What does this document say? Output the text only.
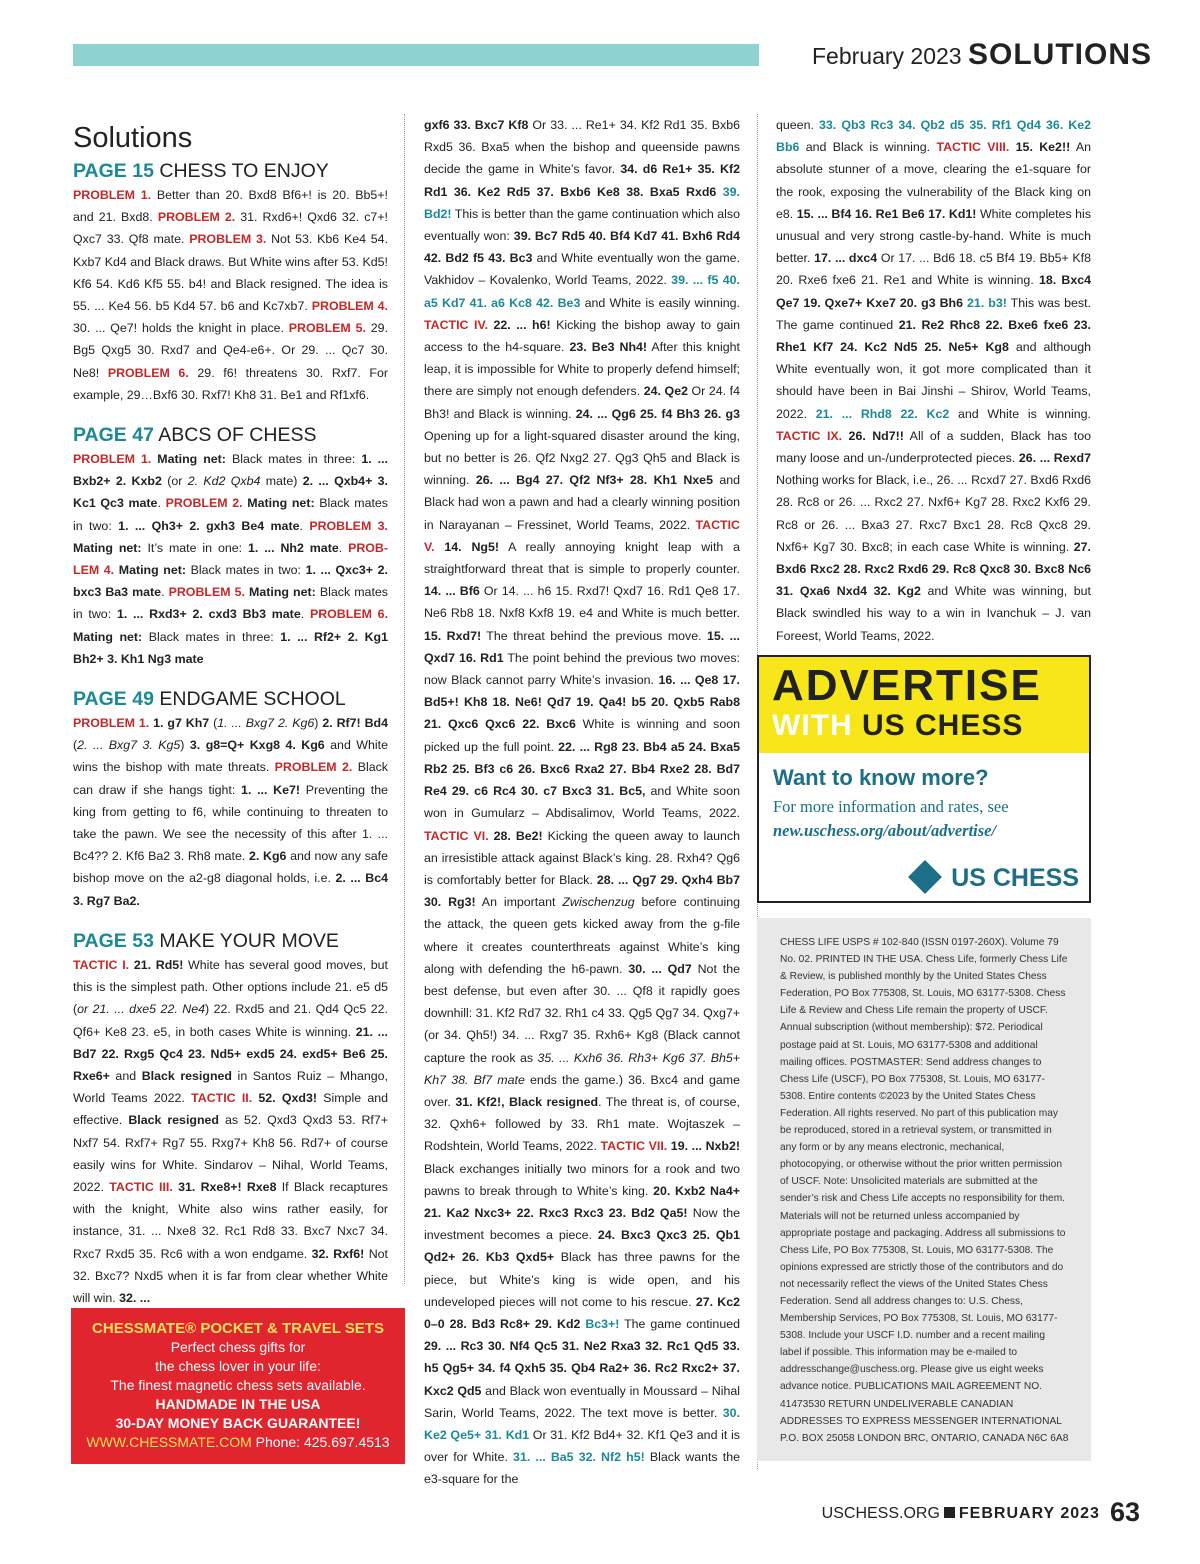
February 2023 SOLUTIONS
Solutions
PAGE 15 CHESS TO ENJOY
PROBLEM 1. Better than 20. Bxd8 Bf6+! is 20. Bb5+! and 21. Bxd8. PROBLEM 2. 31. Rxd6+! Qxd6 32. c7+! Qxc7 33. Qf8 mate. PROBLEM 3. Not 53. Kb6 Ke4 54. Kxb7 Kd4 and Black draws. But White wins after 53. Kd5! Kf6 54. Kd6 Kf5 55. b4! and Black resigned. The idea is 55. ... Ke4 56. b5 Kd4 57. b6 and Kc7xb7. PROBLEM 4. 30. ... Qe7! holds the knight in place. PROBLEM 5. 29. Bg5 Qxg5 30. Rxd7 and Qe4-e6+. Or 29. ... Qc7 30. Ne8! PROBLEM 6. 29. f6! threatens 30. Rxf7. For example, 29…Bxf6 30. Rxf7! Kh8 31. Be1 and Rf1xf6.
PAGE 47 ABCS OF CHESS
PROBLEM 1. Mating net: Black mates in three: 1. ... Bxb2+ 2. Kxb2 (or 2. Kd2 Qxb4 mate) 2. ... Qxb4+ 3. Kc1 Qc3 mate. PROBLEM 2. Mating net: Black mates in two: 1. ... Qh3+ 2. gxh3 Be4 mate. PROBLEM 3. Mating net: It’s mate in one: 1. ... Nh2 mate. PROB-LEM 4. Mating net: Black mates in two: 1. ... Qxc3+ 2. bxc3 Ba3 mate. PROBLEM 5. Mating net: Black mates in two: 1. ... Rxd3+ 2. cxd3 Bb3 mate. PROBLEM 6. Mating net: Black mates in three: 1. ... Rf2+ 2. Kg1 Bh2+ 3. Kh1 Ng3 mate
PAGE 49 ENDGAME SCHOOL
PROBLEM 1. 1. g7 Kh7 (1. ... Bxg7 2. Kg6) 2. Rf7! Bd4 (2. ... Bxg7 3. Kg5) 3. g8=Q+ Kxg8 4. Kg6 and White wins the bishop with mate threats. PROBLEM 2. Black can draw if she hangs tight: 1. ... Ke7! Preventing the king from getting to f6, while continuing to threaten to take the pawn. We see the necessity of this after 1. ... Bc4?? 2. Kf6 Ba2 3. Rh8 mate. 2. Kg6 and now any safe bishop move on the a2-g8 diagonal holds, i.e. 2. ... Bc4 3. Rg7 Ba2.
PAGE 53 MAKE YOUR MOVE
TACTIC I. 21. Rd5! White has several good moves, but this is the simplest path. Other options include 21. e5 d5 (or 21. ... dxe5 22. Ne4) 22. Rxd5 and 21. Qd4 Qc5 22. Qf6+ Ke8 23. e5, in both cases White is winning. 21. ... Bd7 22. Rxg5 Qc4 23. Nd5+ exd5 24. exd5+ Be6 25. Rxe6+ and Black resigned in Santos Ruiz – Mhango, World Teams 2022. TACTIC II. 52. Qxd3! Simple and effective. Black resigned as 52. Qxd3 Qxd3 53. Rf7+ Nxf7 54. Rxf7+ Rg7 55. Rxg7+ Kh8 56. Rd7+ of course easily wins for White. Sindarov – Nihal, World Teams, 2022. TACTIC III. 31. Rxe8+! Rxe8 If Black recaptures with the knight, White also wins rather easily, for instance, 31. ... Nxe8 32. Rc1 Rd8 33. Bxc7 Nxc7 34. Rxc7 Rxd5 35. Rc6 with a won endgame. 32. Rxf6! Not 32. Bxc7? Nxd5 when it is far from clear whether White will win. 32. ...
gxf6 33. Bxc7 Kf8 Or 33. ... Re1+ 34. Kf2 Rd1 35. Bxb6 Rxd5 36. Bxa5 when the bishop and queenside pawns decide the game in White’s favor. 34. d6 Re1+ 35. Kf2 Rd1 36. Ke2 Rd5 37. Bxb6 Ke8 38. Bxa5 Rxd6 39. Bd2! This is better than the game continuation which also eventually won: 39. Bc7 Rd5 40. Bf4 Kd7 41. Bxh6 Rd4 42. Bd2 f5 43. Bc3 and White eventually won the game. Vakhidov – Kovalenko, World Teams, 2022. 39. ... f5 40. a5 Kd7 41. a6 Kc8 42. Be3 and White is easily winning. TACTIC IV. 22. ... h6! Kicking the bishop away to gain access to the h4-square. 23. Be3 Nh4! After this knight leap, it is impossible for White to properly defend himself; there are simply not enough defenders. 24. Qe2 Or 24. f4 Bh3! and Black is winning. 24. ... Qg6 25. f4 Bh3 26. g3 Opening up for a light-squared disaster around the king, but no better is 26. Qf2 Nxg2 27. Qg3 Qh5 and Black is winning. 26. ... Bg4 27. Qf2 Nf3+ 28. Kh1 Nxe5 and Black had won a pawn and had a clearly winning position in Narayanan – Fressinet, World Teams, 2022. TACTIC V. 14. Ng5! A really annoying knight leap with a straightforward threat that is simple to properly counter. 14. ... Bf6 Or 14. ... h6 15. Rxd7! Qxd7 16. Rd1 Qe8 17. Ne6 Rb8 18. Nxf8 Kxf8 19. e4 and White is much better. 15. Rxd7! The threat behind the previous move. 15. ... Qxd7 16. Rd1 The point behind the previous two moves: now Black cannot parry White’s invasion. 16. ... Qe8 17. Bd5+! Kh8 18. Ne6! Qd7 19. Qa4! b5 20. Qxb5 Rab8 21. Qxc6 Qxc6 22. Bxc6 White is winning and soon picked up the full point. 22. ... Rg8 23. Bb4 a5 24. Bxa5 Rb2 25. Bf3 c6 26. Bxc6 Rxa2 27. Bb4 Rxe2 28. Bd7 Re4 29. c6 Rc4 30. c7 Bxc3 31. Bc5, and White soon won in Gumularz – Abdisalimov, World Teams, 2022. TACTIC VI. 28. Be2! Kicking the queen away to launch an irresistible attack against Black’s king. 28. Rxh4? Qg6 is comfortably better for Black. 28. ... Qg7 29. Qxh4 Bb7 30. Rg3! An important Zwischenzug before continuing the attack, the queen gets kicked away from the g-file where it creates counterthreats against White’s king along with defending the h6-pawn. 30. ... Qd7 Not the best defense, but even after 30. ... Qf8 it rapidly goes downhill: 31. Kf2 Rd7 32. Rh1 c4 33. Qg5 Qg7 34. Qxg7+ (or 34. Qh5!) 34. ... Rxg7 35. Rxh6+ Kg8 (Black cannot capture the rook as 35. ... Kxh6 36. Rh3+ Kg6 37. Bh5+ Kh7 38. Bf7 mate ends the game.) 36. Bxc4 and game over. 31. Kf2!, Black resigned. The threat is, of course, 32. Qxh6+ followed by 33. Rh1 mate. Wojtaszek – Rodshtein, World Teams, 2022. TACTIC VII. 19. ... Nxb2! Black exchanges initially two minors for a rook and two pawns to break through to White’s king. 20. Kxb2 Na4+ 21. Ka2 Nxc3+ 22. Rxc3 Rxc3 23. Bd2 Qa5! Now the investment becomes a piece. 24. Bxc3 Qxc3 25. Qb1 Qd2+ 26. Kb3 Qxd5+ Black has three pawns for the piece, but White’s king is wide open, and his undeveloped pieces will not come to his rescue. 27. Kc2 0–0 28. Bd3 Rc8+ 29. Kd2 Bc3+! The game continued 29. ... Rc3 30. Nf4 Qc5 31. Ne2 Rxa3 32. Rc1 Qd5 33. h5 Qg5+ 34. f4 Qxh5 35. Qb4 Ra2+ 36. Rc2 Rxc2+ 37. Kxc2 Qd5 and Black won eventually in Moussard – Nihal Sarin, World Teams, 2022. The text move is better. 30. Ke2 Qe5+ 31. Kd1 Or 31. Kf2 Bd4+ 32. Kf1 Qe3 and it is over for White. 31. ... Ba5 32. Nf2 h5! Black wants the e3-square for the
queen. 33. Qb3 Rc3 34. Qb2 d5 35. Rf1 Qd4 36. Ke2 Bb6 and Black is winning. TACTIC VIII. 15. Ke2!! An absolute stunner of a move, clearing the e1-square for the rook, exposing the vulnerability of the Black king on e8. 15. ... Bf4 16. Re1 Be6 17. Kd1! White completes his unusual and very strong castle-by-hand. White is much better. 17. ... dxc4 Or 17. ... Bd6 18. c5 Bf4 19. Bb5+ Kf8 20. Rxe6 fxe6 21. Re1 and White is winning. 18. Bxc4 Qe7 19. Qxe7+ Kxe7 20. g3 Bh6 21. b3! This was best. The game continued 21. Re2 Rhc8 22. Bxe6 fxe6 23. Rhe1 Kf7 24. Kc2 Nd5 25. Ne5+ Kg8 and although White eventually won, it got more complicated than it should have been in Bai Jinshi – Shirov, World Teams, 2022. 21. ... Rhd8 22. Kc2 and White is winning. TACTIC IX. 26. Nd7!! All of a sudden, Black has too many loose and un-/underprotected pieces. 26. ... Rexd7 Nothing works for Black, i.e., 26. ... Rcxd7 27. Bxd6 Rxd6 28. Rc8 or 26. ... Rxc2 27. Nxf6+ Kg7 28. Rxc2 Kxf6 29. Rc8 or 26. ... Bxa3 27. Rxc7 Bxc1 28. Rc8 Qxc8 29. Nxf6+ Kg7 30. Bxc8; in each case White is winning. 27. Bxd6 Rxc2 28. Rxc2 Rxd6 29. Rc8 Qxc8 30. Bxc8 Nc6 31. Qxa6 Nxd4 32. Kg2 and White was winning, but Black swindled his way to a win in Ivanchuk – J. van Foreest, World Teams, 2022.
ADVERTISE
WITH US CHESS
Want to know more?
For more information and rates, see new.uschess.org/about/advertise/
US CHESS
CHESS LIFE USPS # 102-840 (ISSN 0197-260X). Volume 79 No. 02. PRINTED IN THE USA. Chess Life, formerly Chess Life & Review, is published monthly by the United States Chess Federation, PO Box 775308, St. Louis, MO 63177-5308. Chess Life & Review and Chess Life remain the property of USCF. Annual subscription (without membership): $72. Periodical postage paid at St. Louis, MO 63177-5308 and additional mailing offices. POSTMASTER: Send address changes to Chess Life (USCF), PO Box 775308, St. Louis, MO 63177-5308. Entire contents ©2023 by the United States Chess Federation. All rights reserved. No part of this publication may be reproduced, stored in a retrieval system, or transmitted in any form or by any means electronic, mechanical, photocopying, or otherwise without the prior written permission of USCF. Note: Unsolicited materials are submitted at the sender’s risk and Chess Life accepts no responsibility for them. Materials will not be returned unless accompanied by appropriate postage and packaging. Address all submissions to Chess Life, PO Box 775308, St. Louis, MO 63177-5308. The opinions expressed are strictly those of the contributors and do not necessarily reflect the views of the United States Chess Federation. Send all address changes to: U.S. Chess, Membership Services, PO Box 775308, St. Louis, MO 63177-5308. Include your USCF I.D. number and a recent mailing label if possible. This information may be e-mailed to addresschange@uschess.org. Please give us eight weeks advance notice. PUBLICATIONS MAIL AGREEMENT NO. 41473530 RETURN UNDELIVERABLE CANADIAN ADDRESSES TO EXPRESS MESSENGER INTERNATIONAL P.O. BOX 25058 LONDON BRC, ONTARIO, CANADA N6C 6A8
CHESSMATE® POCKET & TRAVEL SETS
Perfect chess gifts for
the chess lover in your life:
The finest magnetic chess sets available.
HANDMADE IN THE USA
30-DAY MONEY BACK GUARANTEE!
WWW.CHESSMATE.COM Phone: 425.697.4513
USCHESS.ORG FEBRUARY 2023 63
